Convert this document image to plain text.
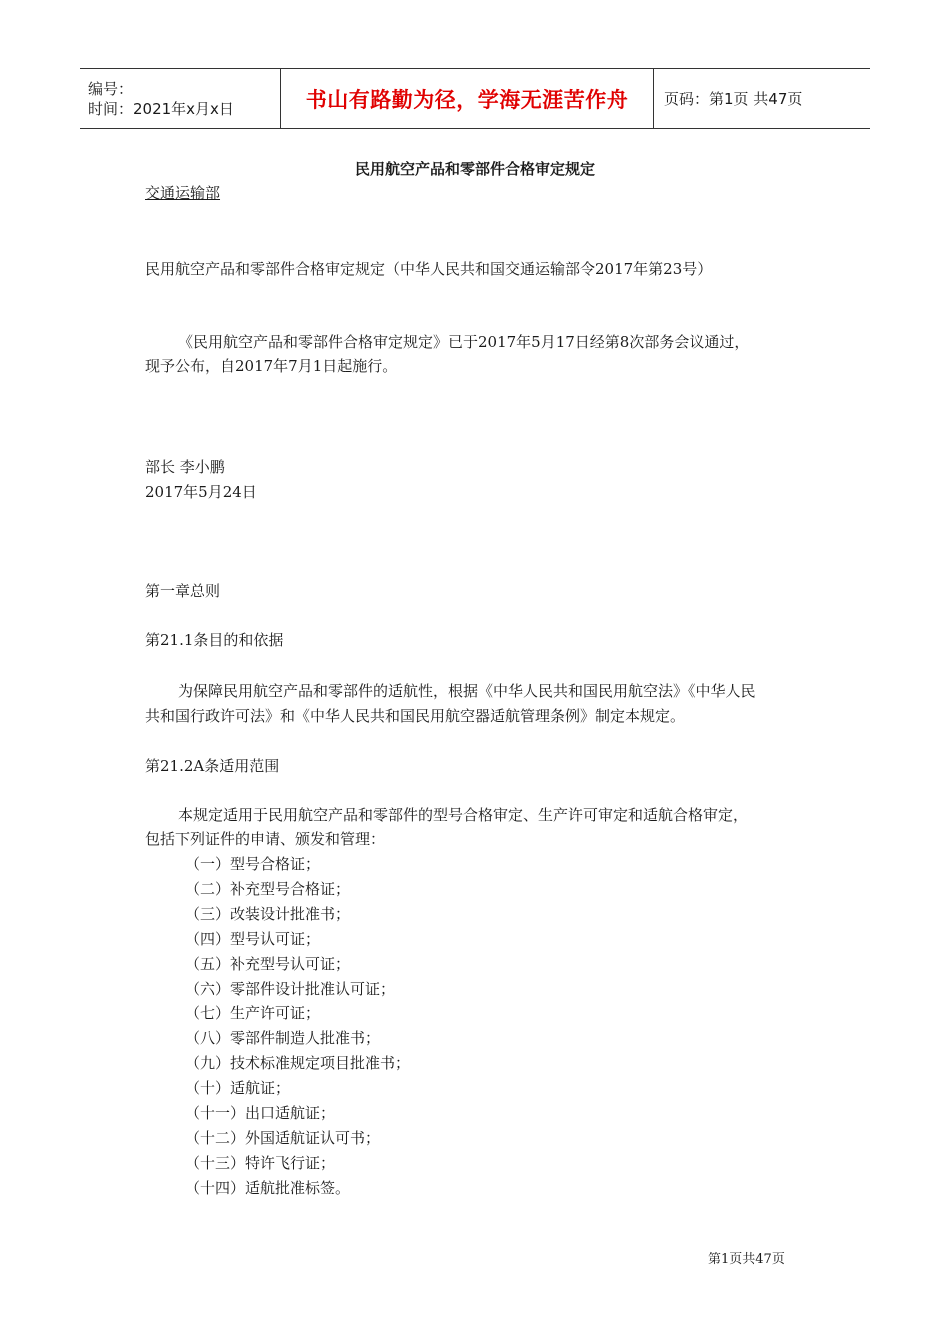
编号：
时间：2021年x月x日	书山有路勤为径，学海无涯苦作舟 页码：第1页 共47页
民用航空产品和零部件合格审定规定
交通运输部
民用航空产品和零部件合格审定规定（中华人民共和国交通运输部令2017年第23号）
《民用航空产品和零部件合格审定规定》已于2017年5月17日经第8次部务会议通过，
现予公布，自2017年7月1日起施行。
部长 李小鹏
2017年5月24日
第一章总则
第21.1条目的和依据
为保障民用航空产品和零部件的适航性，根据《中华人民共和国民用航空法》《中华人民
共和国行政许可法》和《中华人民共和国民用航空器适航管理条例》制定本规定。
第21.2A条适用范围
本规定适用于民用航空产品和零部件的型号合格审定、生产许可审定和适航合格审定，
包括下列证件的申请、颁发和管理：
（一）型号合格证；
（二）补充型号合格证；
（三）改装设计批准书；
（四）型号认可证；
（五）补充型号认可证；
（六）零部件设计批准认可证；
（七）生产许可证；
（八）零部件制造人批准书；
（九）技术标准规定项目批准书；
（十）适航证；
（十一）出口适航证；
（十二）外国适航证认可书；
（十三）特许飞行证；
（十四）适航批准标签。
第1页共47页
